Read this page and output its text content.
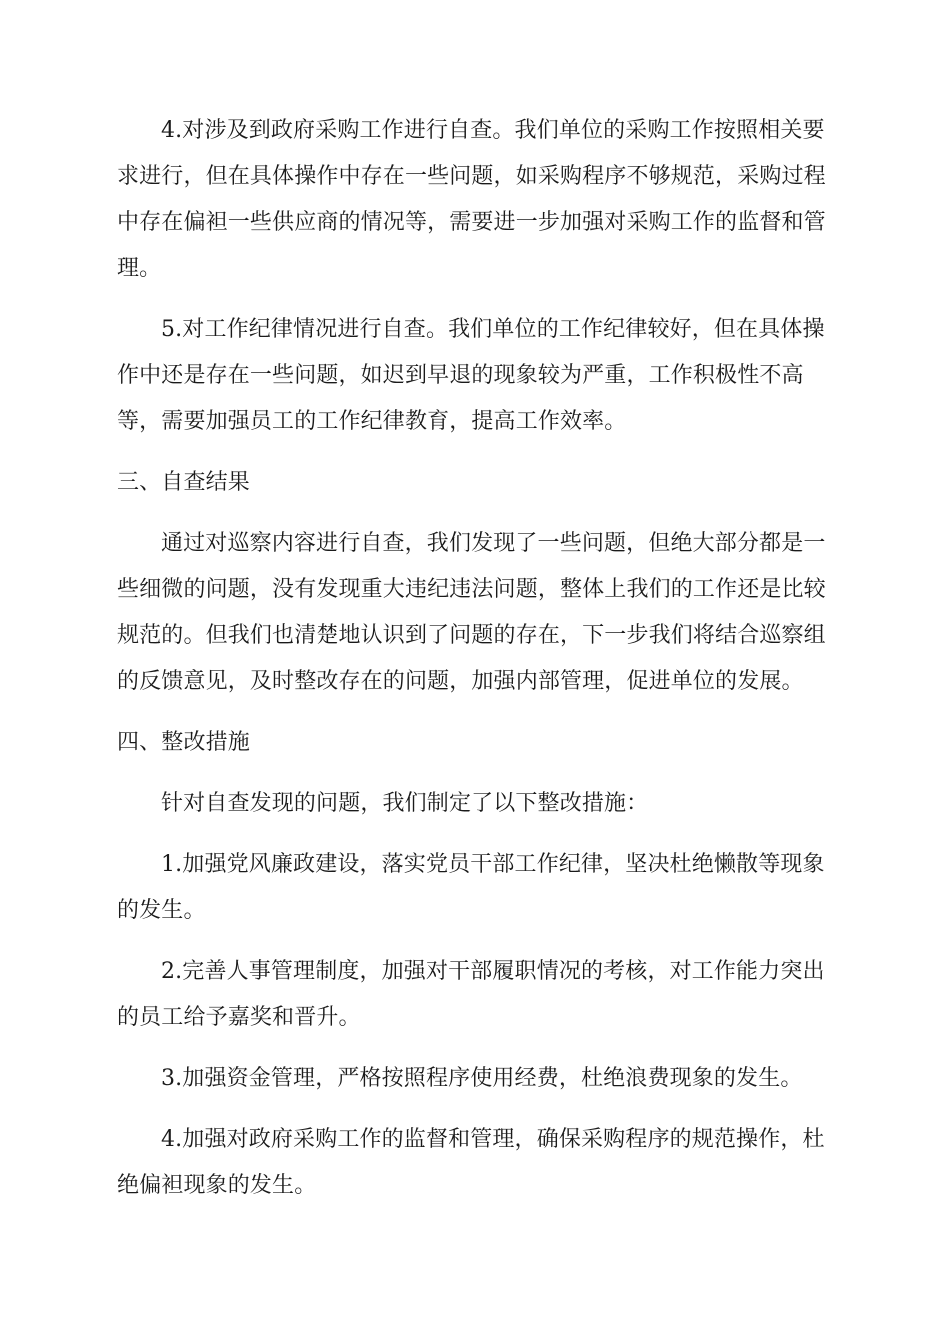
4.对涉及到政府采购工作进行自查。我们单位的采购工作按照相关要求进行，但在具体操作中存在一些问题，如采购程序不够规范，采购过程中存在偏袒一些供应商的情况等，需要进一步加强对采购工作的监督和管理。

5.对工作纪律情况进行自查。我们单位的工作纪律较好，但在具体操作中还是存在一些问题，如迟到早退的现象较为严重，工作积极性不高等，需要加强员工的工作纪律教育，提高工作效率。

三、自查结果

通过对巡察内容进行自查，我们发现了一些问题，但绝大部分都是一些细微的问题，没有发现重大违纪违法问题，整体上我们的工作还是比较规范的。但我们也清楚地认识到了问题的存在，下一步我们将结合巡察组的反馈意见，及时整改存在的问题，加强内部管理，促进单位的发展。

四、整改措施

针对自查发现的问题，我们制定了以下整改措施：

1.加强党风廉政建设，落实党员干部工作纪律，坚决杜绝懒散等现象的发生。

2.完善人事管理制度，加强对干部履职情况的考核，对工作能力突出的员工给予嘉奖和晋升。

3.加强资金管理，严格按照程序使用经费，杜绝浪费现象的发生。

4.加强对政府采购工作的监督和管理，确保采购程序的规范操作，杜绝偏袒现象的发生。
